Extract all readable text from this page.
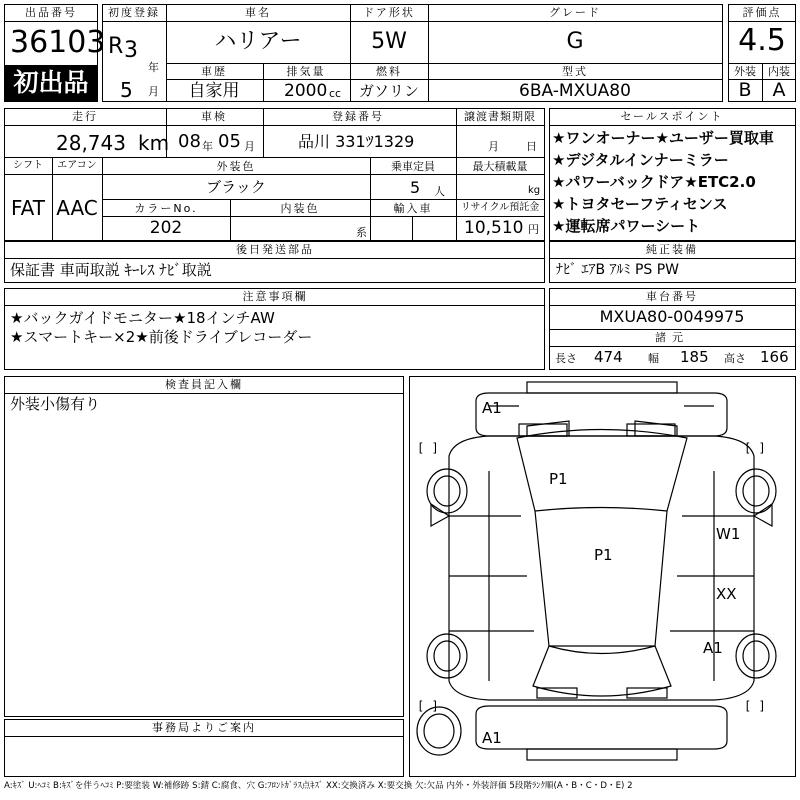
出品番号
36103
初出品
初度登録
R 3
年
5 月
車名
ハリアー
ドア形状
5W
グレード
G
車歴
自家用
排気量
2000 cc
燃料
ガソリン
型式
6BA-MXUA80
評価点
4.5
外装 内装
B A
走行
28,743 km
車検
08 年 05 月
登録番号
品川 331ﾂ1329
譲渡書類期限
月 日
シフト
FAT
エアコン
AAC
外装色
ブラック
乗車定員
5 人
最大積載量
kg
カラーNo.
202
内装色
系
輸入車	リサイクル預託金
10,510 円
セールスポイント
★ワンオーナー★ユーザー買取車
★デジタルインナーミラー
★パワーバックドア★ETC2.0
★トヨタセーフティセンス
★運転席パワーシート
後日発送部品
保証書 車両取説 ｷｰﾚｽ ﾅﾋﾞ取説
純正装備
ﾅﾋﾞ ｴｱB ｱﾙﾐ PS PW
注意事項欄
★バックガイドモニター★18インチAW
★スマートキー×2★前後ドライブレコーダー
車台番号
MXUA80-0049975
諸元
長さ 474 幅 185 高さ 166
検査員記入欄
外装小傷有り
事務局よりご案内
[ ]	[ ]
[ ]	[ ]
A1
P1
P1
W1
XX
A1
A1
A:ｷｽﾞ U:ﾍｺﾐ B:ｷｽﾞを伴うﾍｺﾐ P:要塗装 W:補修跡 S:錆 C:腐食、穴 G:ﾌﾛﾝﾄｶﾞﾗｽ点ｷｽﾞ XX:交換済み X:要交換 欠:欠品 内外・外装評価 5段階ﾗﾝｸ順(A・B・C・D・E) 2
